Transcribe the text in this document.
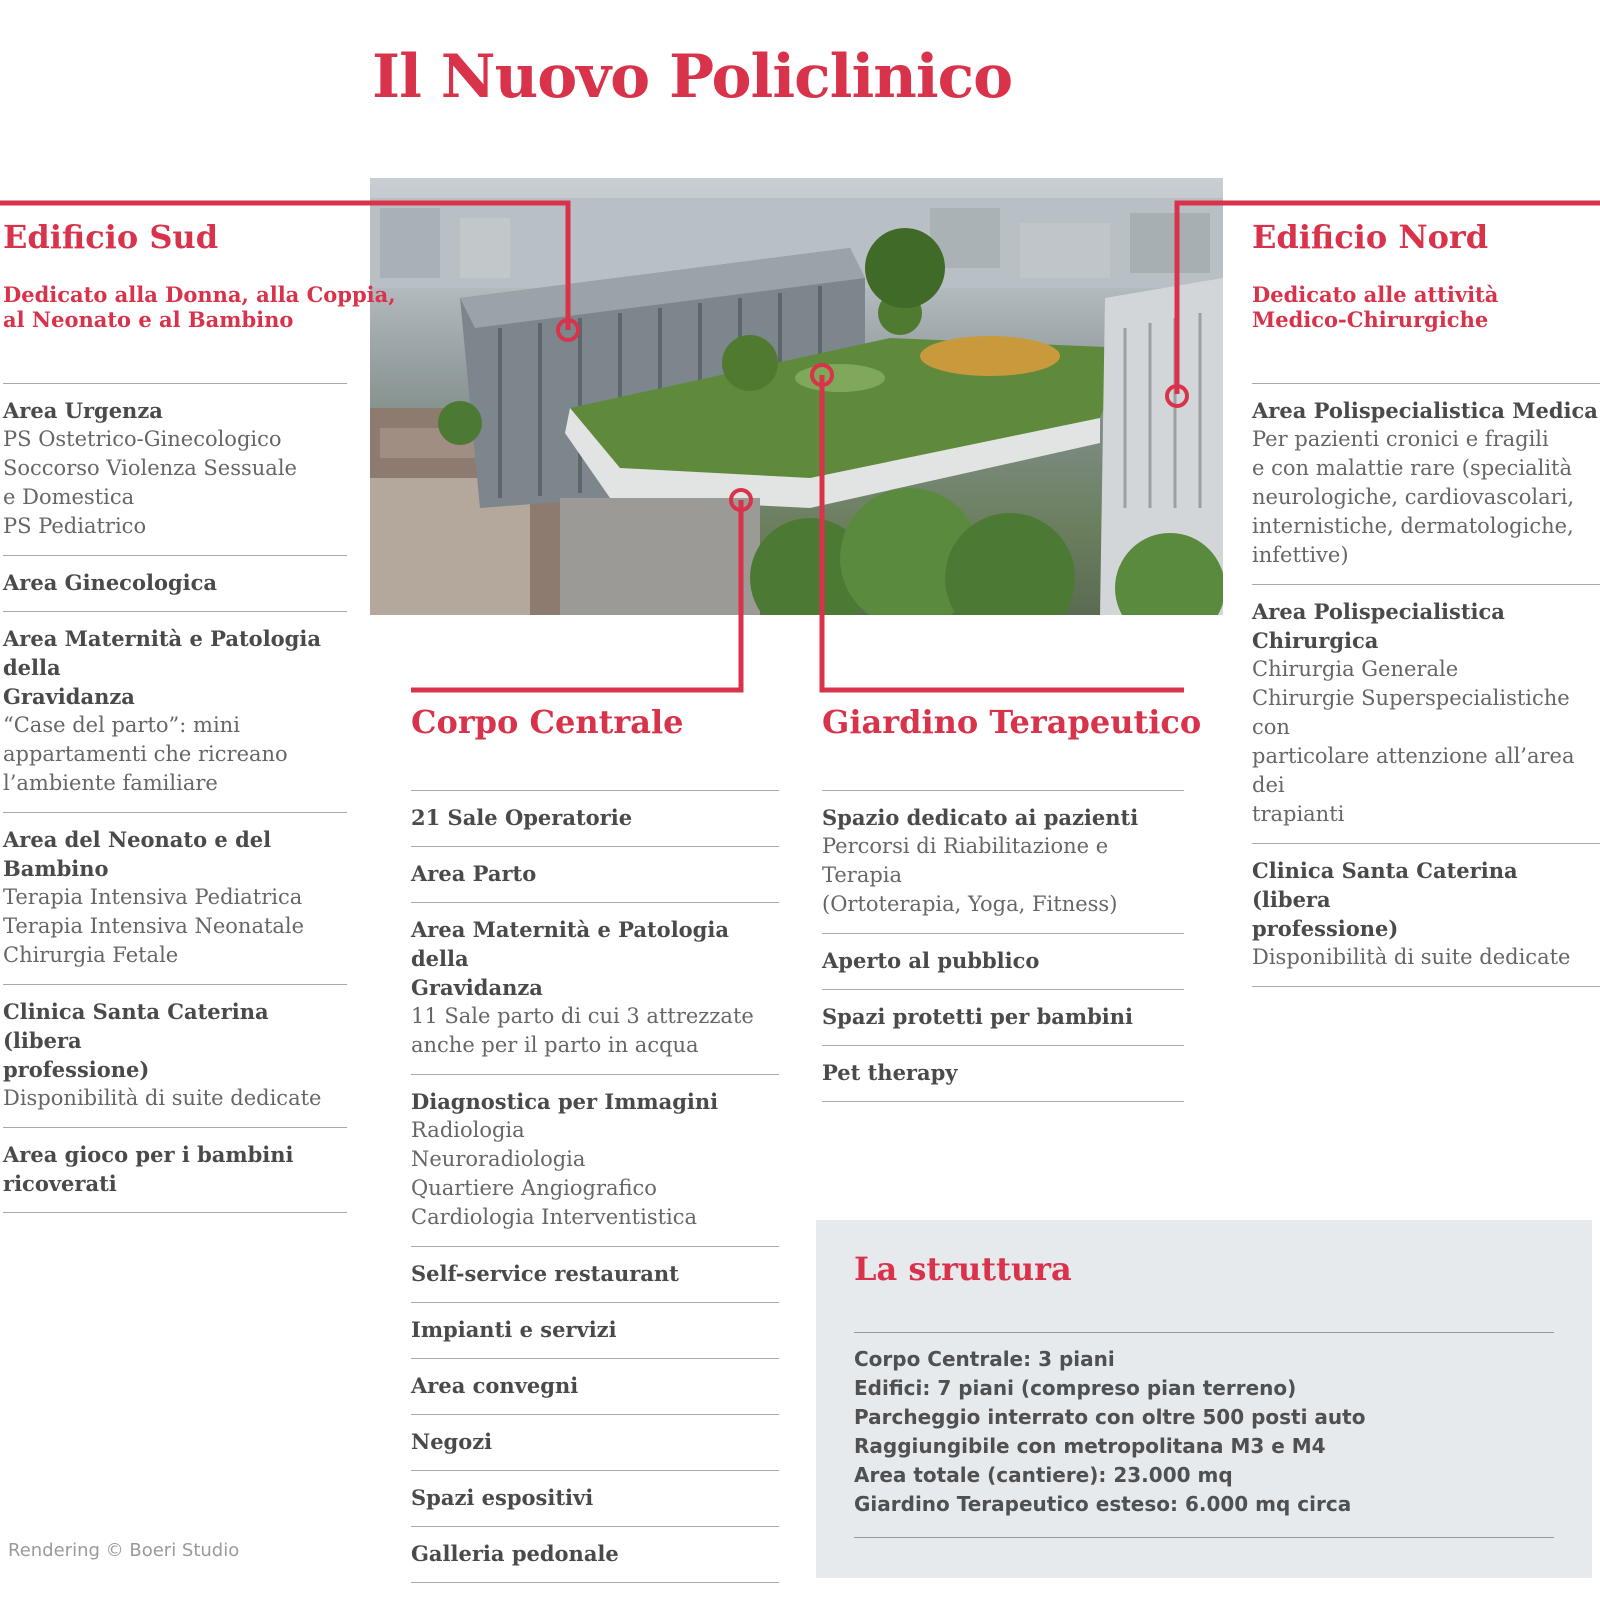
Il Nuovo Policlinico
Edificio Sud
Dedicato alla Donna, alla Coppia,
al Neonato e al Bambino
Area Urgenza
PS Ostetrico-Ginecologico
Soccorso Violenza Sessuale
e Domestica
PS Pediatrico
Area Ginecologica
Area Maternità e Patologia della
Gravidanza
“Case del parto”: mini
appartamenti che ricreano
l’ambiente familiare
Area del Neonato e del Bambino
Terapia Intensiva Pediatrica
Terapia Intensiva Neonatale
Chirurgia Fetale
Clinica Santa Caterina (libera
professione)
Disponibilità di suite dedicate
Area gioco per i bambini
ricoverati
Edificio Nord
Dedicato alle attività
Medico-Chirurgiche
Area Polispecialistica Medica
Per pazienti cronici e fragili
e con malattie rare (specialità
neurologiche, cardiovascolari,
internistiche, dermatologiche,
infettive)
Area Polispecialistica Chirurgica
Chirurgia Generale
Chirurgie Superspecialistiche con
particolare attenzione all’area dei
trapianti
Clinica Santa Caterina (libera
professione)
Disponibilità di suite dedicate
Corpo Centrale
21 Sale Operatorie
Area Parto
Area Maternità e Patologia della
Gravidanza
11 Sale parto di cui 3 attrezzate
anche per il parto in acqua
Diagnostica per Immagini
Radiologia
Neuroradiologia
Quartiere Angiografico
Cardiologia Interventistica
Self-service restaurant
Impianti e servizi
Area convegni
Negozi
Spazi espositivi
Galleria pedonale
Giardino Terapeutico
Spazio dedicato ai pazienti
Percorsi di Riabilitazione e Terapia
(Ortoterapia, Yoga, Fitness)
Aperto al pubblico
Spazi protetti per bambini
Pet therapy
La struttura
Corpo Centrale: 3 piani
Edifici: 7 piani (compreso pian terreno)
Parcheggio interrato con oltre 500 posti auto
Raggiungibile con metropolitana M3 e M4
Area totale (cantiere): 23.000 mq
Giardino Terapeutico esteso: 6.000 mq circa
Rendering © Boeri Studio
